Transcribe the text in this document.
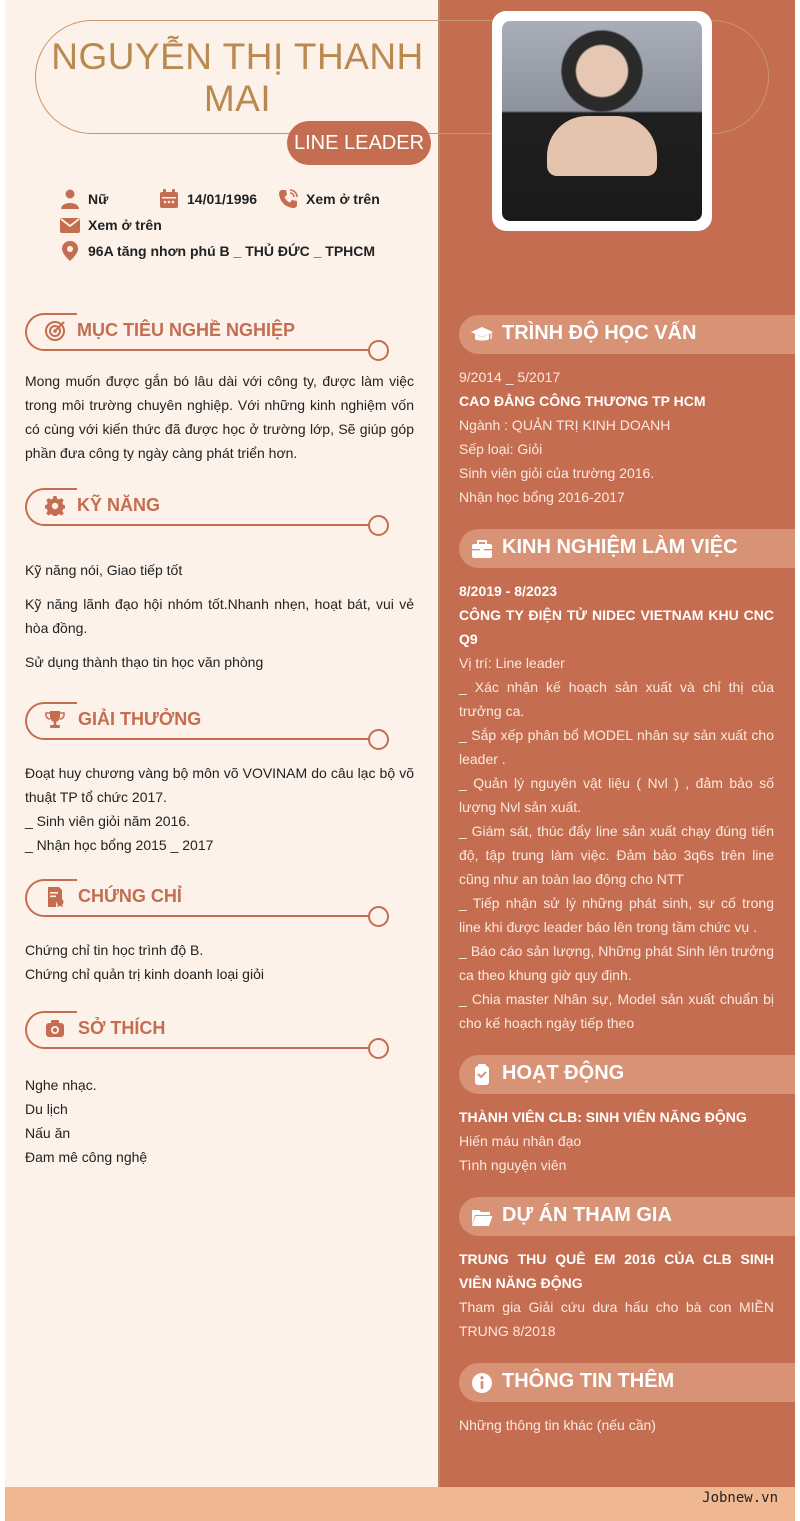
NGUYỄN THỊ THANH MAI
LINE LEADER
Nữ	14/01/1996	Xem ở trên
Xem ở trên
96A tăng nhơn phú B _ THỦ ĐỨC _ TPHCM
MỤC TIÊU NGHỀ NGHIỆP

Mong muốn được gắn bó lâu dài với công ty, được làm việc trong môi trường chuyên nghiệp. Với những kinh nghiệm vốn có cùng với kiến thức đã được học ở trường lớp, Sẽ giúp góp phần đưa công ty ngày càng phát triển hơn.

KỸ NĂNG

Kỹ năng nói, Giao tiếp tốt

Kỹ năng lãnh đạo hội nhóm tốt.Nhanh nhẹn, hoạt bát, vui vẻ hòa đồng.

Sử dụng thành thạo tin học văn phòng

GIẢI THƯỞNG

Đoạt huy chương vàng bộ môn võ VOVINAM do câu lạc bộ võ thuật TP tổ chức 2017.

_ Sinh viên giỏi năm 2016.

_ Nhận học bổng 2015 _ 2017

CHỨNG CHỈ

Chứng chỉ tin học trình độ B.

Chứng chỉ quản trị kinh doanh loại giỏi

SỞ THÍCH

Nghe nhạc.

Du lịch

Nấu ăn

Đam mê công nghệ

TRÌNH ĐỘ HỌC VẤN

9/2014 _ 5/2017

CAO ĐẲNG CÔNG THƯƠNG TP HCM

Ngành : QUẢN TRỊ KINH DOANH

Sếp loại: Giỏi

Sinh viên giỏi của trường 2016.

Nhận học bổng 2016-2017

KINH NGHIỆM LÀM VIỆC

8/2019 - 8/2023

CÔNG TY ĐIỆN TỬ NIDEC VIETNAM KHU CNC Q9

Vị trí: Line leader

_ Xác nhận kế hoạch sản xuất và chỉ thị của trưởng ca.

_ Sắp xếp phân bổ MODEL nhân sự sản xuất cho leader .

_ Quản lý nguyên vật liệu ( Nvl ) , đảm bảo số lượng Nvl sản xuất.

_ Giám sát, thúc đẩy line sản xuất chạy đúng tiến độ, tập trung làm việc. Đảm bảo 3q6s trên line cũng như an toàn lao động cho NTT

_ Tiếp nhận sử lý những phát sinh, sự cố trong line khi được leader báo lên trong tầm chức vụ .

_ Báo cáo sản lượng, Những phát Sinh lên trưởng ca theo khung giờ quy định.

_ Chia master Nhân sự, Model sản xuất chuẩn bị cho kế hoạch ngày tiếp theo

HOẠT ĐỘNG

THÀNH VIÊN CLB: SINH VIÊN NĂNG ĐỘNG

Hiến máu nhân đạo

Tình nguyện viên

DỰ ÁN THAM GIA

TRUNG THU QUÊ EM 2016 CỦA CLB SINH VIÊN NĂNG ĐỘNG

Tham gia Giải cứu dưa hấu cho bà con MIỀN TRUNG 8/2018

THÔNG TIN THÊM

Những thông tin khác (nếu cần)

Jobnew.vn
